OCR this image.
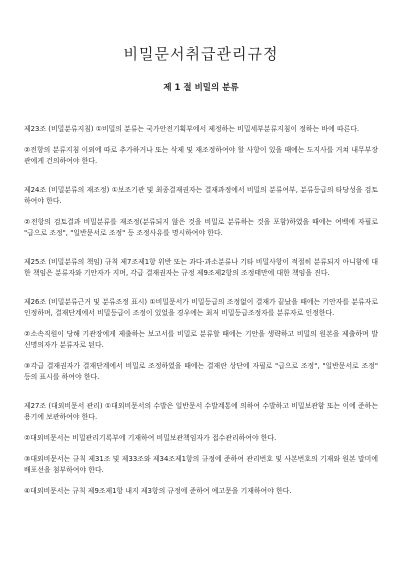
비밀문서취급관리규정
제 1 절 비밀의 분류

제23조 (비밀분류지침) ①비밀의 분류는 국가안전기획부에서 제정하는 비밀세부분류지침이 정하는 바에 따른다.

②전항의 분류지침 이외에 따로 추가하거나 또는 삭제 및 재조정하여야 할 사항이 있을 때에는 도지사를 거쳐 내무부장관에게 건의하여야 한다.

제24조 (비밀분류의 재조정) ①보조기관 및 최종결재권자는 결재과정에서 비밀의 분류여부, 분류등급의 타당성을 검토하여야 한다.

②전항의 검토결과 비밀분류를 재조정(분류되지 않은 것을 비밀로 분류하는 것을 포함)하였을 때에는 여백에 자필로 "급으로 조정", "일반문서로 조정" 등 조정사유를 명시하여야 한다.

제25조 (비밀분류의 책임) 규칙 제7조제1항 위반 또는 과다·과소분류나 기타 비밀사항이 적절히 분류되지 아니함에 대한 책임은 분류자와 기안자가 지며, 각급 결재권자는 규정 제9조제2항의 조정태만에 대한 책임을 진다.

제26조 (비밀분류근거 및 분류조정 표시) ①비밀문서가 비밀등급의 조정없이 결재가 끝났을 때에는 기안자를 분류자로 인정하며, 결재단계에서 비밀등급이 조정이 있었을 경우에는 최저 비밀등급조정자를 분류자로 인정한다.

②소속직원이 당해 기관장에게 제출하는 보고서를 비밀로 분류할 때에는 기안을 생략하고 비밀의 원본을 제출하며 발신명의자가 분류자로 된다.

③각급 결재권자가 결재단계에서 비밀로 조정하였을 때에는 결재란 상단에 자필로 "급으로 조정", "일반문서로 조정" 등의 표시를 하여야 한다.

제27조 (대외비문서 관리) ①대외비문서의 수발은 일반문서 수발계통에 의하여 수발하고 비밀보관함 또는 이에 준하는 용기에 보관하여야 한다.

②대외비문서는 비밀관리기록부에 기재하여 비밀보관책임자가 접수관리하여야 한다.

③대외비문서는 규칙 제31조 및 제33조와 제34조제1항의 규정에 준하여 관리번호 및 사본번호의 기재와 원본 말미에 배포선을 첨부하여야 한다.

④대외비문서는 규칙 제9조제1항 내지 제3항의 규정에 준하여 예고문을 기재하여야 한다.
